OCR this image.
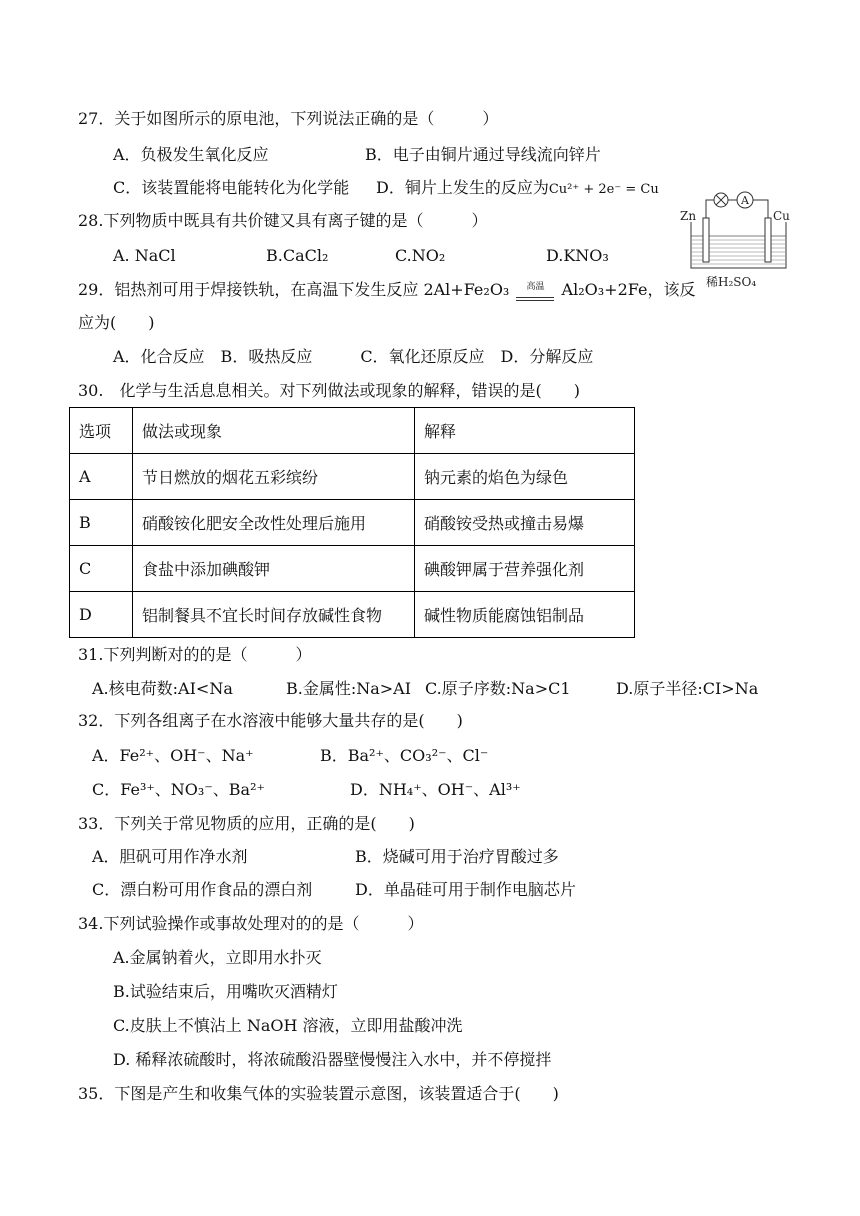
27．关于如图所示的原电池，下列说法正确的是（　　　）
A．负极发生氧化反应	B．电子由铜片通过导线流向锌片
C．该装置能将电能转化为化学能 D．铜片上发生的反应为Cu²⁺ + 2e⁻ = Cu
A
Zn	Cu
稀H₂SO₄
28.下列物质中既具有共价键又具有离子键的是（　　　）
A. NaCl	B.CaCl₂	C.NO₂	D.KNO₃
29．铝热剂可用于焊接铁轨，在高温下发生反应 2Al+Fe₂O₃ 高温 Al₂O₃+2Fe，该反
应为(　　)
A．化合反应　B．吸热反应　　　C．氧化还原反应　D．分解反应
30.　化学与生活息息相关。对下列做法或现象的解释，错误的是(　　)
选项	做法或现象	解释
A	节日燃放的烟花五彩缤纷	钠元素的焰色为绿色
B	硝酸铵化肥安全改性处理后施用	硝酸铵受热或撞击易爆
C	食盐中添加碘酸钾	碘酸钾属于营养强化剂
D	铝制餐具不宜长时间存放碱性食物	碱性物质能腐蚀铝制品
31.下列判断对的的是（　　　）
A.核电荷数:AI<Na	B.金属性:Na>AI C.原子序数:Na>C1	D.原子半径:CI>Na
32．下列各组离子在水溶液中能够大量共存的是(　　)
A．Fe²⁺、OH⁻、Na⁺	B．Ba²⁺、CO₃²⁻、Cl⁻
C．Fe³⁺、NO₃⁻、Ba²⁺	D．NH₄⁺、OH⁻、Al³⁺
33．下列关于常见物质的应用，正确的是(　　)
A．胆矾可用作净水剂	B．烧碱可用于治疗胃酸过多
C．漂白粉可用作食品的漂白剂	D．单晶硅可用于制作电脑芯片
34.下列试验操作或事故处理对的的是（　　　）
A.金属钠着火，立即用水扑灭
B.试验结束后，用嘴吹灭酒精灯
C.皮肤上不慎沾上 NaOH 溶液，立即用盐酸冲洗
D. 稀释浓硫酸时，将浓硫酸沿器壁慢慢注入水中，并不停搅拌
35．下图是产生和收集气体的实验装置示意图，该装置适合于(　　)
